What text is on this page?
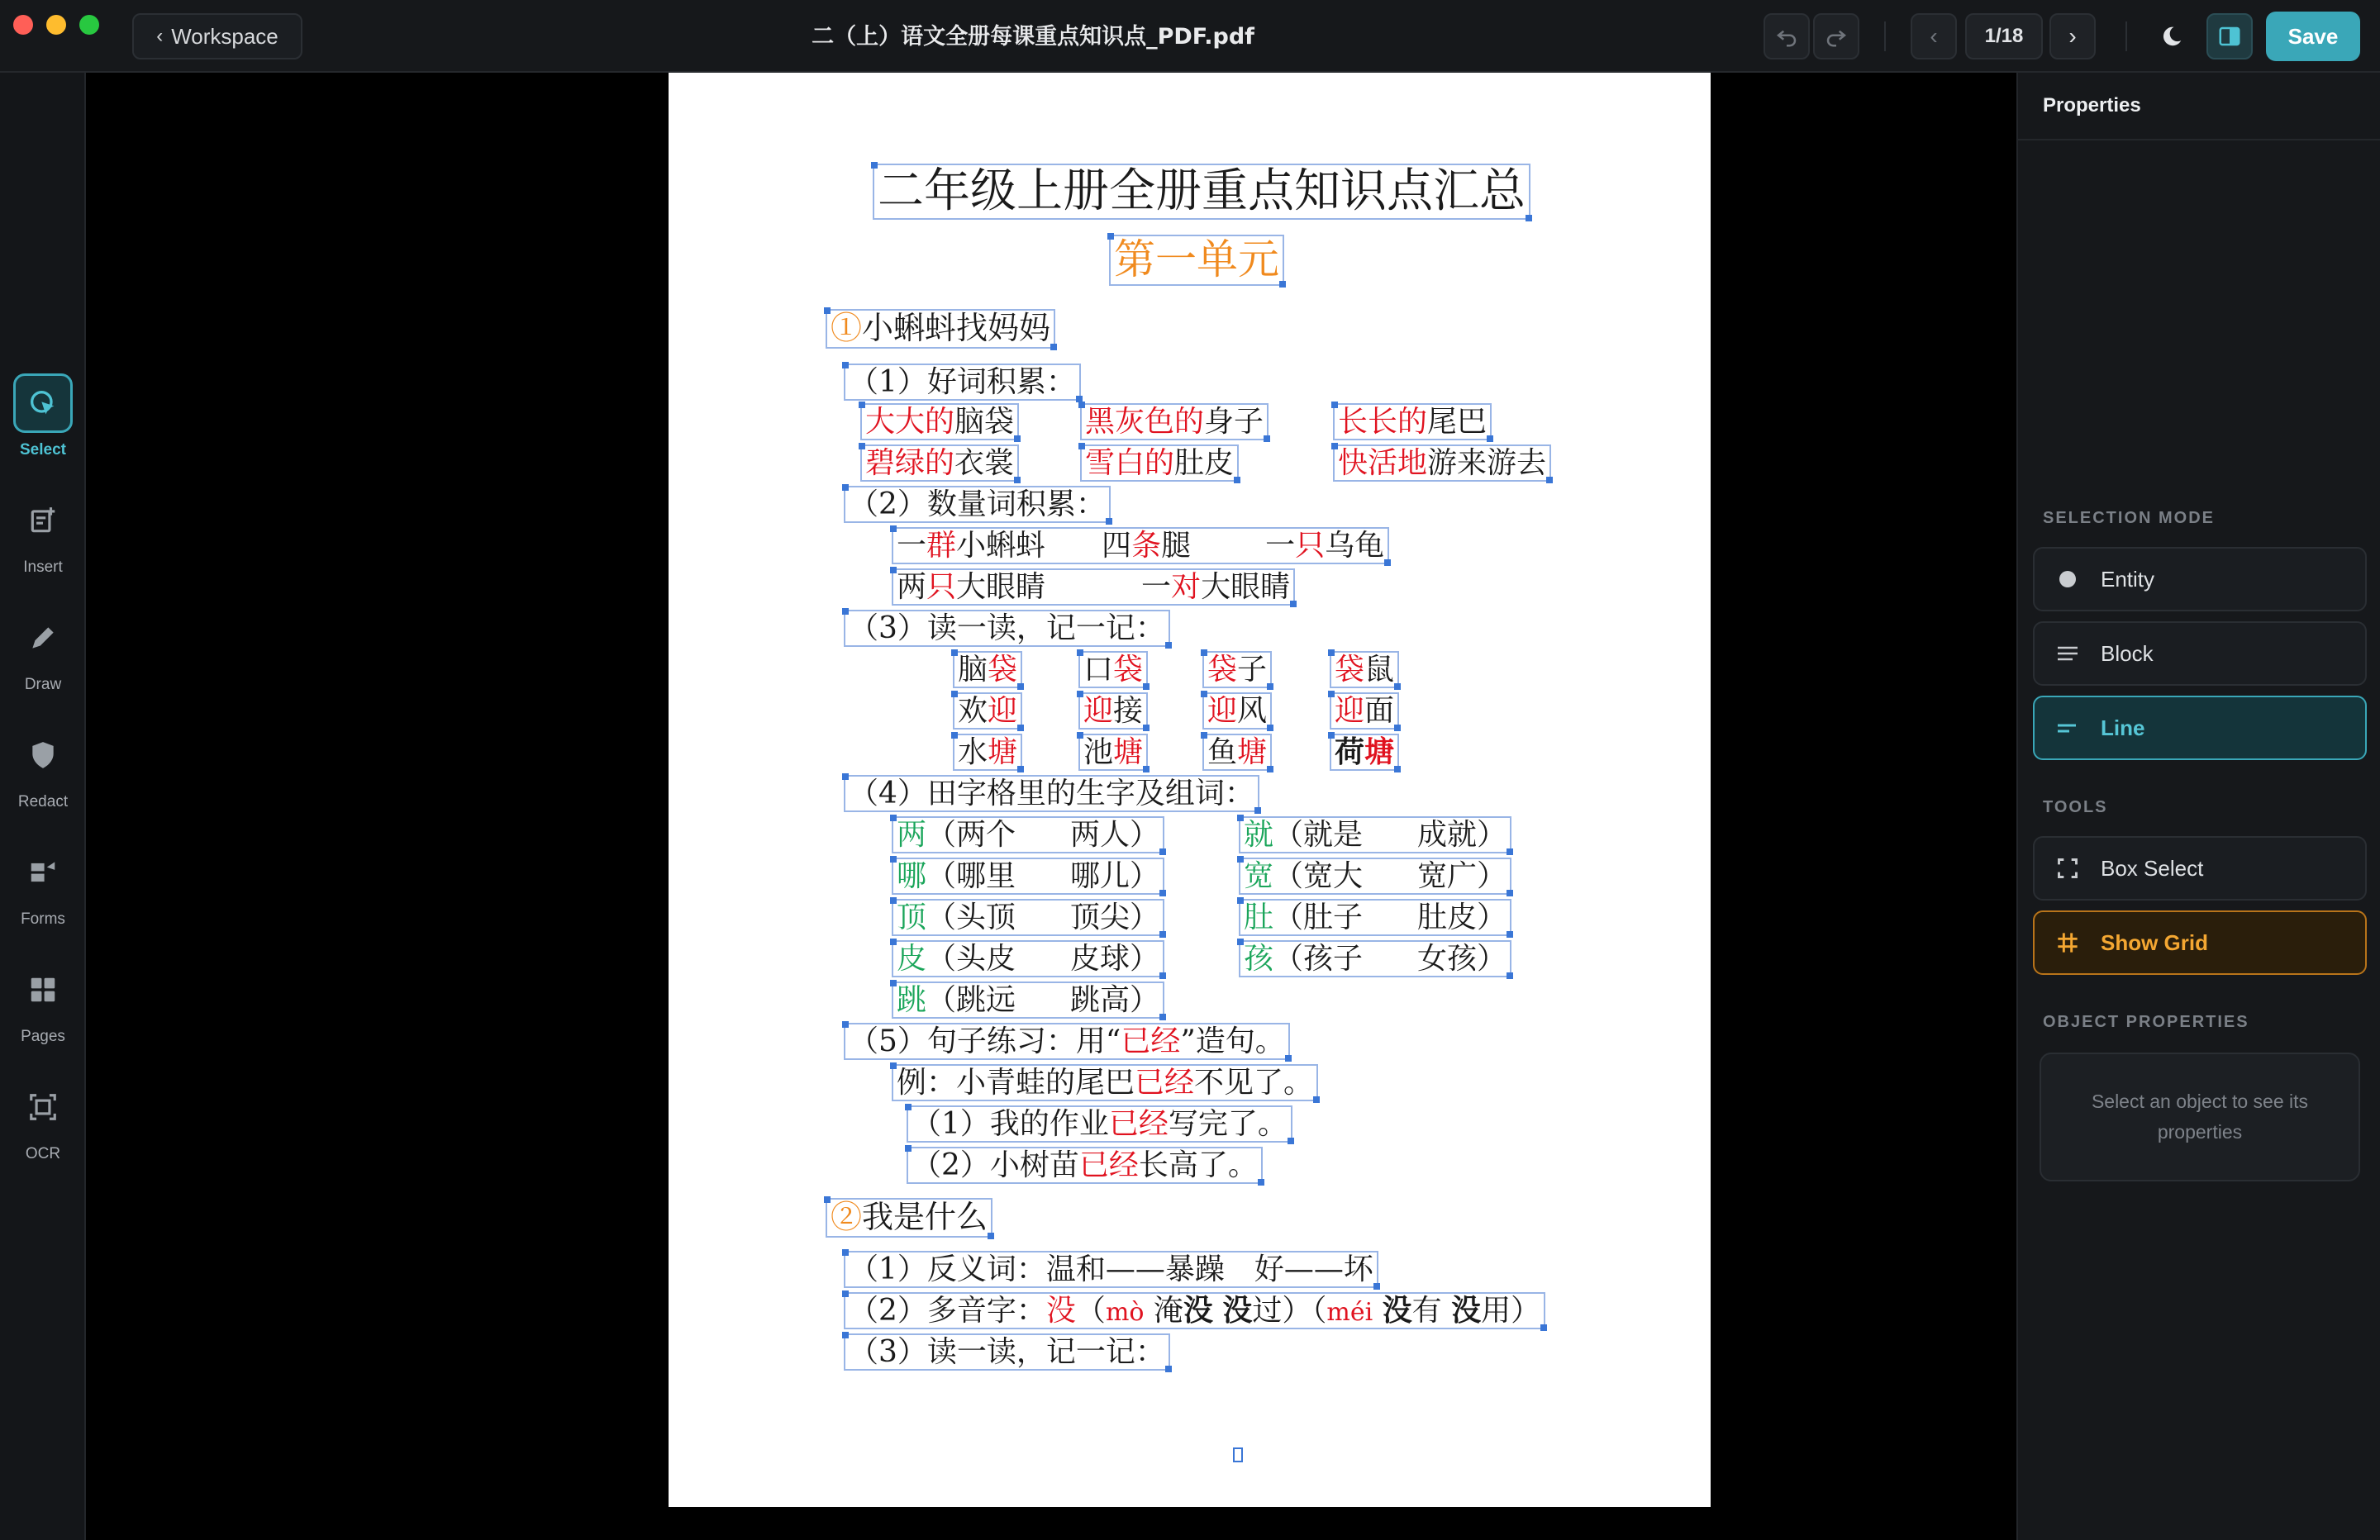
‹ Workspace	二（上）语文全册每课重点知识点_PDF.pdf	‹	1/18	›	Save
Select
Insert
Draw
Redact
Forms
Pages
OCR
二年级上册全册重点知识点汇总
第一单元
①小蝌蚪找妈妈
（1）好词积累：
大大的脑袋 黑灰色的身子 长长的尾巴
碧绿的衣裳 雪白的肚皮	快活地游来游去
（2）数量词积累：
一群小蝌蚪 四条腿	一只乌龟
两只大眼睛	一对大眼睛
（3）读一读，记一记：
脑袋 口袋 袋子 袋鼠
欢迎 迎接 迎风 迎面
水塘 池塘 鱼塘 荷塘
（4）田字格里的生字及组词：
两（两个 两人）	就（就是 成就）
哪（哪里 哪儿）	宽（宽大 宽广）
顶（头顶 顶尖）	肚（肚子 肚皮）
皮（头皮 皮球）	孩（孩子 女孩）
跳（跳远 跳高）
（5）句子练习：用“已经”造句。
例：小青蛙的尾巴已经不见了。
（1）我的作业已经写完了。
（2）小树苗已经长高了。
②我是什么
（1）反义词：温和——暴躁　好——坏
（2）多音字：没（mò 淹没 没过）（méi 没有 没用）
（3）读一读，记一记：
Properties
SELECTION MODE
Entity
Block
Line
TOOLS
Box Select
Show Grid
OBJECT PROPERTIES
Select an object to see its properties
